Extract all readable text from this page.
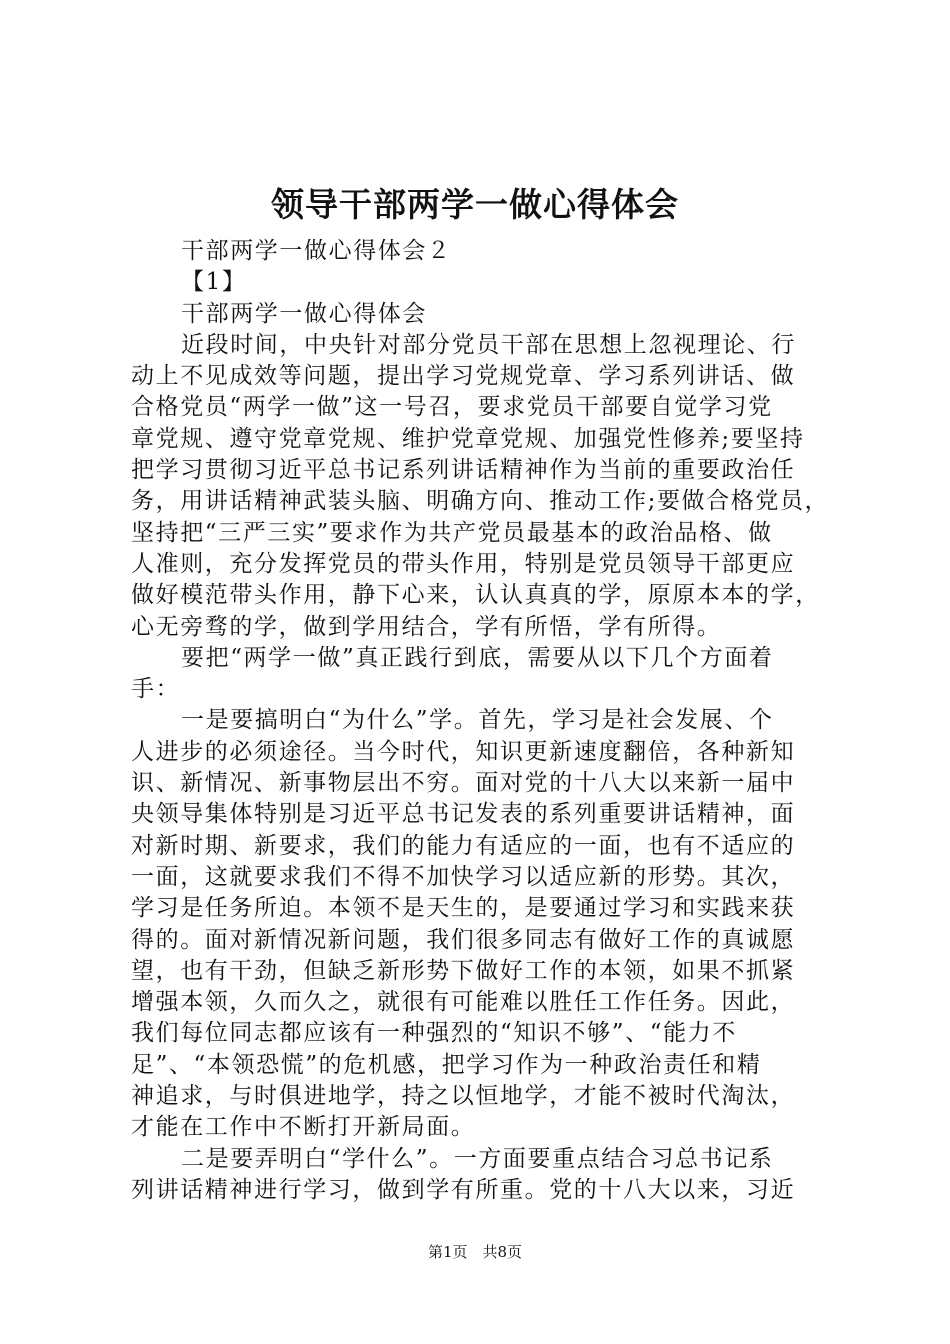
领导干部两学一做心得体会
干部两学一做心得体会２
【1】
干部两学一做心得体会
近段时间，中央针对部分党员干部在思想上忽视理论、行
动上不见成效等问题，提出学习党规党章、学习系列讲话、做
合格党员“两学一做”这一号召，要求党员干部要自觉学习党
章党规、遵守党章党规、维护党章党规、加强党性修养;要坚持
把学习贯彻习近平总书记系列讲话精神作为当前的重要政治任
务，用讲话精神武装头脑、明确方向、推动工作;要做合格党员，
坚持把“三严三实”要求作为共产党员最基本的政治品格、做
人准则，充分发挥党员的带头作用，特别是党员领导干部更应
做好模范带头作用，静下心来，认认真真的学，原原本本的学，
心无旁骛的学，做到学用结合，学有所悟，学有所得。
要把“两学一做”真正践行到底，需要从以下几个方面着
手：
一是要搞明白“为什么”学。首先，学习是社会发展、个
人进步的必须途径。当今时代，知识更新速度翻倍，各种新知
识、新情况、新事物层出不穷。面对党的十八大以来新一届中
央领导集体特别是习近平总书记发表的系列重要讲话精神，面
对新时期、新要求，我们的能力有适应的一面，也有不适应的
一面，这就要求我们不得不加快学习以适应新的形势。其次，
学习是任务所迫。本领不是天生的，是要通过学习和实践来获
得的。面对新情况新问题，我们很多同志有做好工作的真诚愿
望，也有干劲，但缺乏新形势下做好工作的本领，如果不抓紧
增强本领，久而久之，就很有可能难以胜任工作任务。因此，
我们每位同志都应该有一种强烈的“知识不够”、“能力不
足”、“本领恐慌”的危机感，把学习作为一种政治责任和精
神追求，与时俱进地学，持之以恒地学，才能不被时代淘汰，
才能在工作中不断打开新局面。
二是要弄明白“学什么”。一方面要重点结合习总书记系
列讲话精神进行学习，做到学有所重。党的十八大以来，习近
第1页　共8页
